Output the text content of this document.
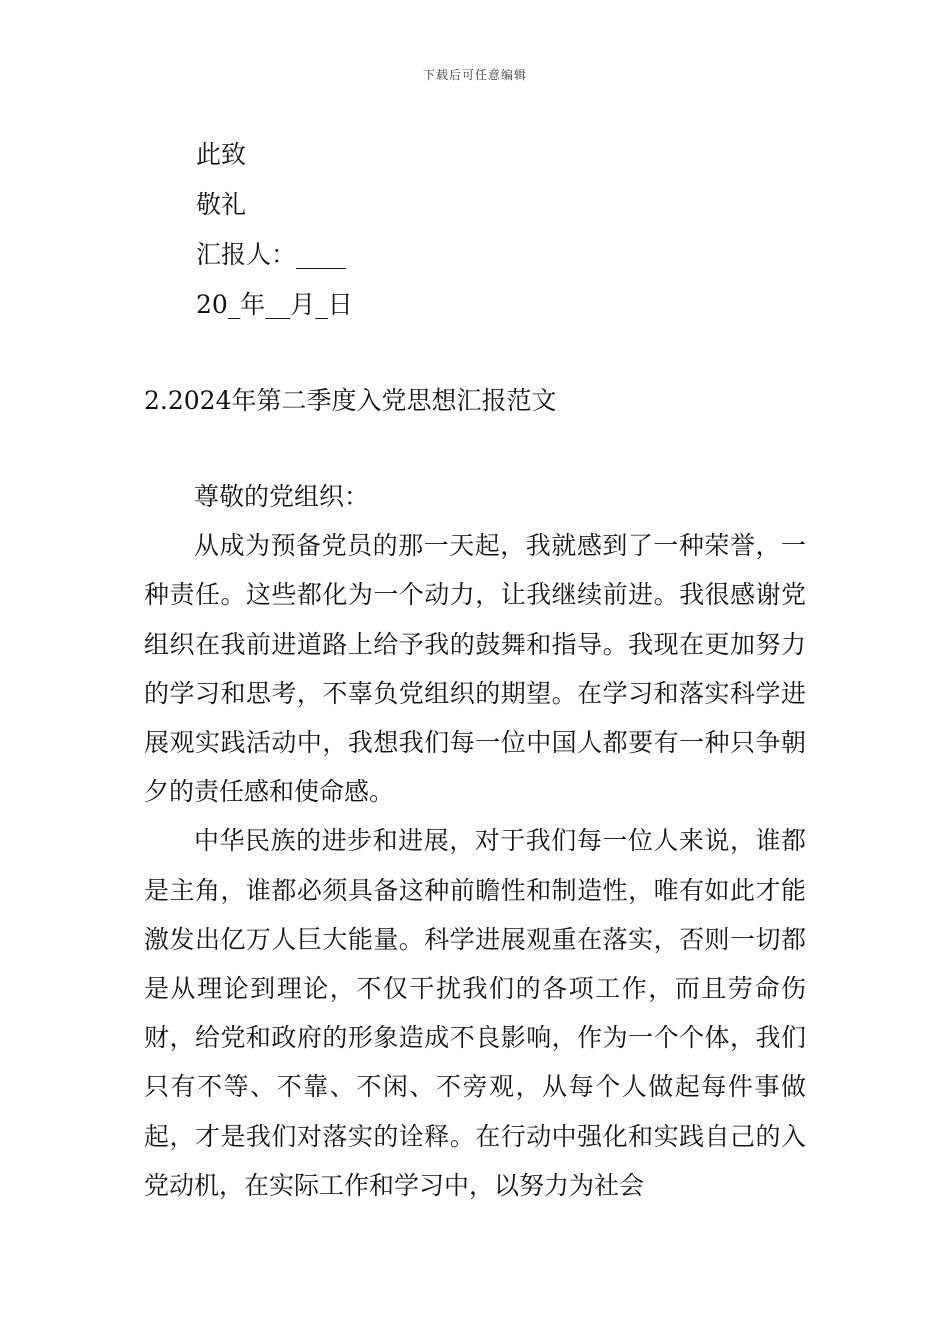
下载后可任意编辑
此致
敬礼
汇报人：____
20_年__月_日
2.2024年第二季度入党思想汇报范文

尊敬的党组织：

从成为预备党员的那一天起，我就感到了一种荣誉，一种责任。这些都化为一个动力，让我继续前进。我很感谢党组织在我前进道路上给予我的鼓舞和指导。我现在更加努力的学习和思考，不辜负党组织的期望。在学习和落实科学进展观实践活动中，我想我们每一位中国人都要有一种只争朝夕的责任感和使命感。

中华民族的进步和进展，对于我们每一位人来说，谁都是主角，谁都必须具备这种前瞻性和制造性，唯有如此才能激发出亿万人巨大能量。科学进展观重在落实，否则一切都是从理论到理论，不仅干扰我们的各项工作，而且劳命伤财，给党和政府的形象造成不良影响，作为一个个体，我们只有不等、不靠、不闲、不旁观，从每个人做起每件事做起，才是我们对落实的诠释。在行动中强化和实践自己的入党动机，在实际工作和学习中，以努力为社会
